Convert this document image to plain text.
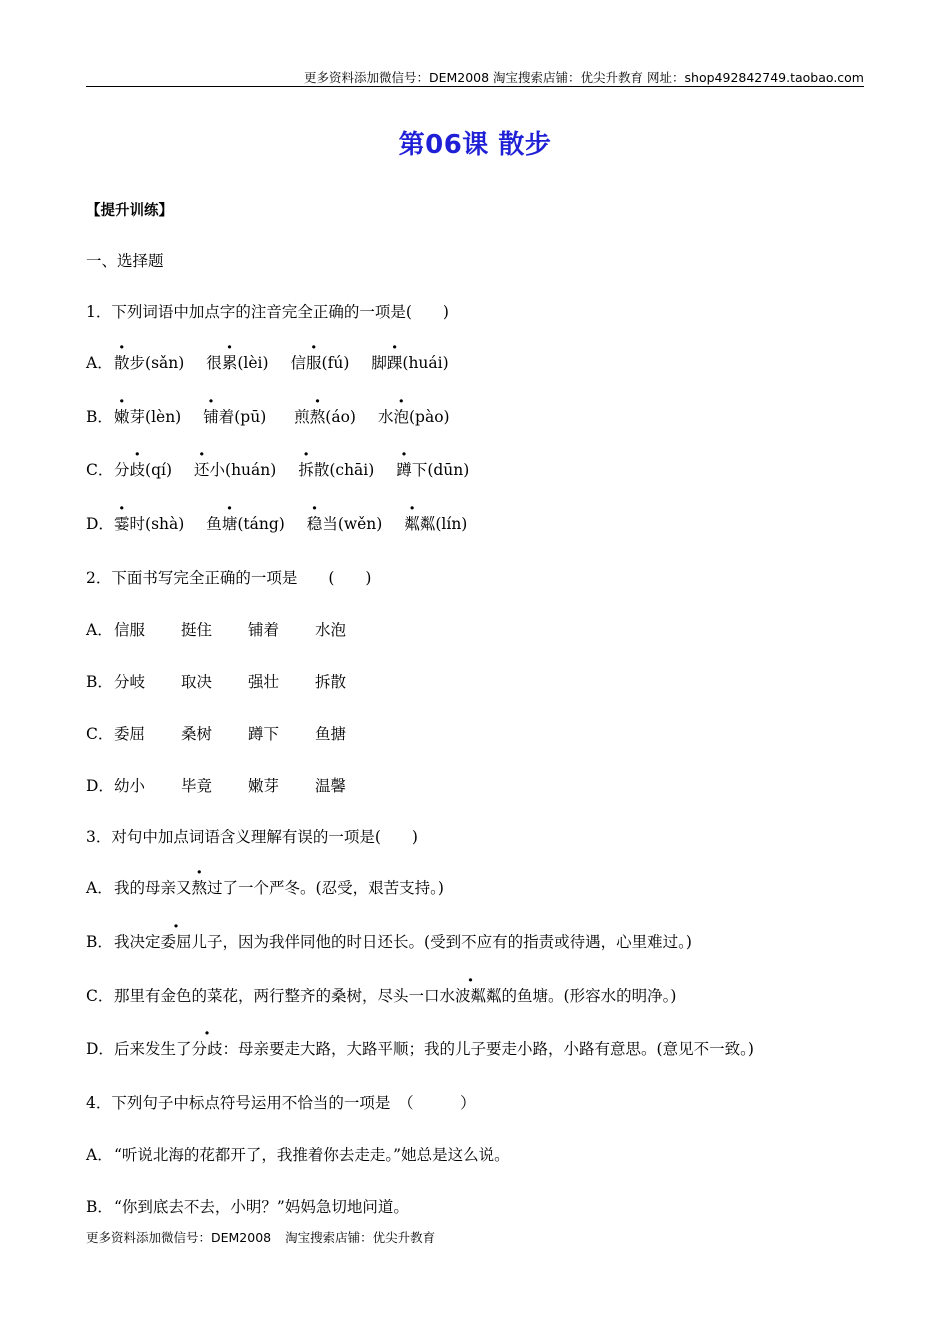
更多资料添加微信号：DEM2008 淘宝搜索店铺：优尖升教育 网址：shop492842749.taobao.com
第06课 散步
【提升训练】
一、选择题
1．下列词语中加点字的注音完全正确的一项是(　　)
A．散步(sǎn) 很累(lèi) 信服(fú) 脚踝(huái)
B．嫩芽(lèn) 铺着(pū) 煎熬(áo) 水泡(pào)
C．分歧(qí) 还小(huán) 拆散(chāi) 蹲下(dūn)
D．霎时(shà) 鱼塘(táng) 稳当(wěn) 粼粼(lín)
2．下面书写完全正确的一项是　　(　　)
A．信服 挺住 铺着 水泡
B．分岐 取决 强壮 拆散
C．委屈 桑树 蹲下 鱼搪
D．幼小 毕竟 嫩芽 温馨
3．对句中加点词语含义理解有误的一项是(　　)
A．我的母亲又熬过了一个严冬。(忍受，艰苦支持。)
B．我决定委屈儿子，因为我伴同他的时日还长。(受到不应有的指责或待遇，心里难过。)
C．那里有金色的菜花，两行整齐的桑树，尽头一口水波粼粼的鱼塘。(形容水的明净。)
D．后来发生了分歧：母亲要走大路，大路平顺；我的儿子要走小路，小路有意思。(意见不一致。)
4．下列句子中标点符号运用不恰当的一项是　（　　　）
A．“听说北海的花都开了，我推着你去走走。”她总是这么说。
B．“你到底去不去，小明？”妈妈急切地问道。
更多资料添加微信号：DEM2008 淘宝搜索店铺：优尖升教育
